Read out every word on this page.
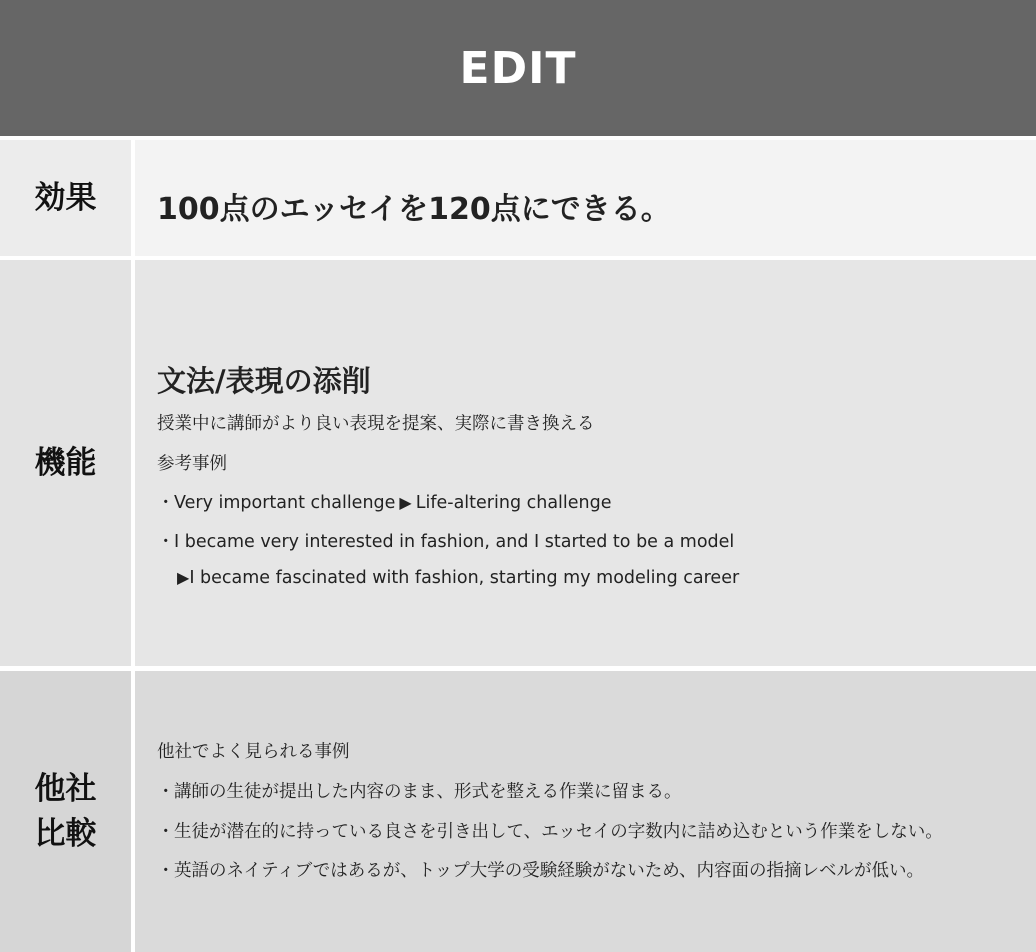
EDIT
効果 100点のエッセイを120点にできる。
機能
文法/表現の添削
授業中に講師がより良い表現を提案、実際に書き換える
参考事例
・Very important challenge ▶ Life-altering challenge
・I became very interested in fashion, and I started to be a model
▶I became fascinated with fashion, starting my modeling career
他社
比較
他社でよく見られる事例
・講師の生徒が提出した内容のまま、形式を整える作業に留まる。
・生徒が潜在的に持っている良さを引き出して、エッセイの字数内に詰め込むという作業をしない。
・英語のネイティブではあるが、トップ大学の受験経験がないため、内容面の指摘レベルが低い。
